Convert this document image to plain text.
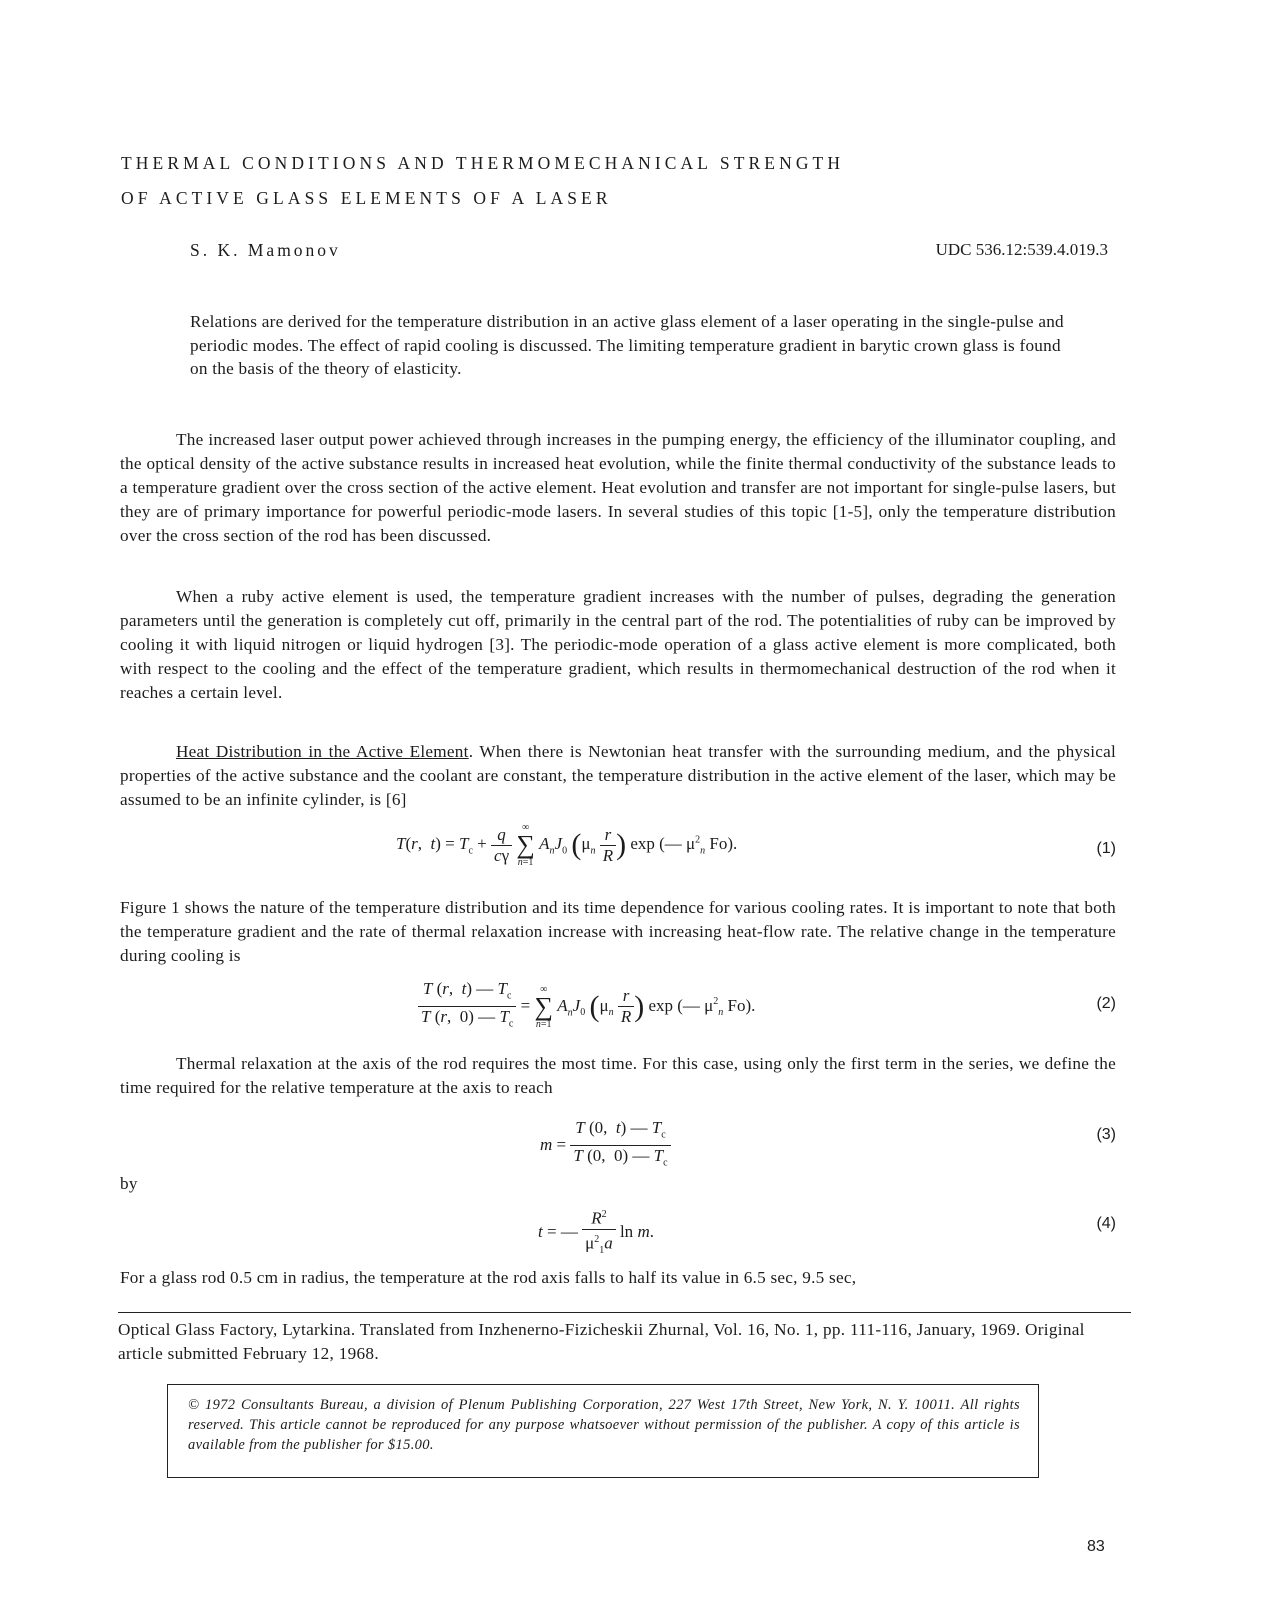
THERMAL CONDITIONS AND THERMOMECHANICAL STRENGTH
OF ACTIVE GLASS ELEMENTS OF A LASER
S. K. Mamonov	UDC 536.12:539.4.019.3
Relations are derived for the temperature distribution in an active glass element of a laser operating in the single-pulse and periodic modes. The effect of rapid cooling is discussed. The limiting temperature gradient in barytic crown glass is found on the basis of the theory of elasticity.
The increased laser output power achieved through increases in the pumping energy, the efficiency of the illuminator coupling, and the optical density of the active substance results in increased heat evolution, while the finite thermal conductivity of the substance leads to a temperature gradient over the cross section of the active element. Heat evolution and transfer are not important for single-pulse lasers, but they are of primary importance for powerful periodic-mode lasers. In several studies of this topic [1-5], only the temperature distribution over the cross section of the rod has been discussed.
When a ruby active element is used, the temperature gradient increases with the number of pulses, degrading the generation parameters until the generation is completely cut off, primarily in the central part of the rod. The potentialities of ruby can be improved by cooling it with liquid nitrogen or liquid hydrogen [3]. The periodic-mode operation of a glass active element is more complicated, both with respect to the cooling and the effect of the temperature gradient, which results in thermomechanical destruction of the rod when it reaches a certain level.
Heat Distribution in the Active Element. When there is Newtonian heat transfer with the surrounding medium, and the physical properties of the active substance and the coolant are constant, the temperature distribution in the active element of the laser, which may be assumed to be an infinite cylinder, is [6]
T(r,  $t) = T_c + \frac{q}{c\gamma}$
∞
∑
n=1
$A_nJ_0$ ($\mu_n \frac{r}{R}$ ) exp (— $\mu^2_n$ Fo).	(1)
Figure 1 shows the nature of the temperature distribution and its time dependence for various cooling rates. It is important to note that both the temperature gradient and the rate of thermal relaxation increase with increasing heat-flow rate. The relative change in the temperature during cooling is
$\frac{T (r, t) — T_c}{T (r, 0) — T_c}$ =
∞
∑
n=1
$A_nJ_0$ ($\mu_n \frac{r}{R}$ ) exp (— $\mu^2_n$ Fo).	(2)
Thermal relaxation at the axis of the rod requires the most time. For this case, using only the first term in the series, we define the time required for the relative temperature at the axis to reach
$m = \frac{T (0, t) — T_c}{T (0, 0) — T_c}$	(3)
by
t = — $\frac{R^2}{\mu^2_1a}$ ln m.	(4)
For a glass rod 0.5 cm in radius, the temperature at the rod axis falls to half its value in 6.5 sec, 9.5 sec,
Optical Glass Factory, Lytarkina. Translated from Inzhenerno-Fizicheskii Zhurnal, Vol. 16, No. 1, pp. 111-116, January, 1969. Original article submitted February 12, 1968.
© 1972 Consultants Bureau, a division of Plenum Publishing Corporation, 227 West 17th Street, New York, N. Y. 10011. All rights reserved. This article cannot be reproduced for any purpose whatsoever without permission of the publisher. A copy of this article is available from the publisher for $15.00.
83
